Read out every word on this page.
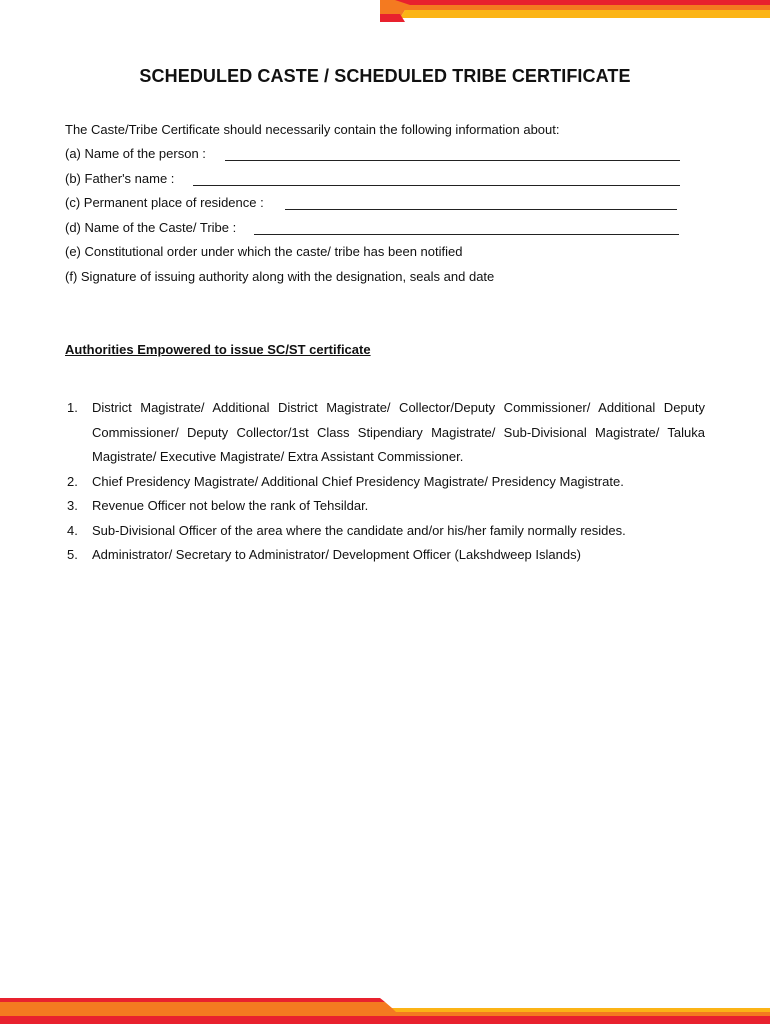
SCHEDULED CASTE / SCHEDULED TRIBE CERTIFICATE
The Caste/Tribe Certificate should necessarily contain the following information about:
(a) Name of the person :
(b) Father's name :
(c) Permanent place of residence :
(d) Name of the Caste/ Tribe :
(e) Constitutional order under which the caste/ tribe has been notified
(f) Signature of issuing authority along with the designation, seals and date
Authorities Empowered to issue SC/ST certificate
1. District Magistrate/ Additional District Magistrate/ Collector/Deputy Commissioner/ Additional Deputy Commissioner/ Deputy Collector/1st Class Stipendiary Magistrate/ Sub-Divisional Magistrate/ Taluka Magistrate/ Executive Magistrate/ Extra Assistant Commissioner.
2. Chief Presidency Magistrate/ Additional Chief Presidency Magistrate/ Presidency Magistrate.
3. Revenue Officer not below the rank of Tehsildar.
4. Sub-Divisional Officer of the area where the candidate and/or his/her family normally resides.
5. Administrator/ Secretary to Administrator/ Development Officer (Lakshdweep Islands)
